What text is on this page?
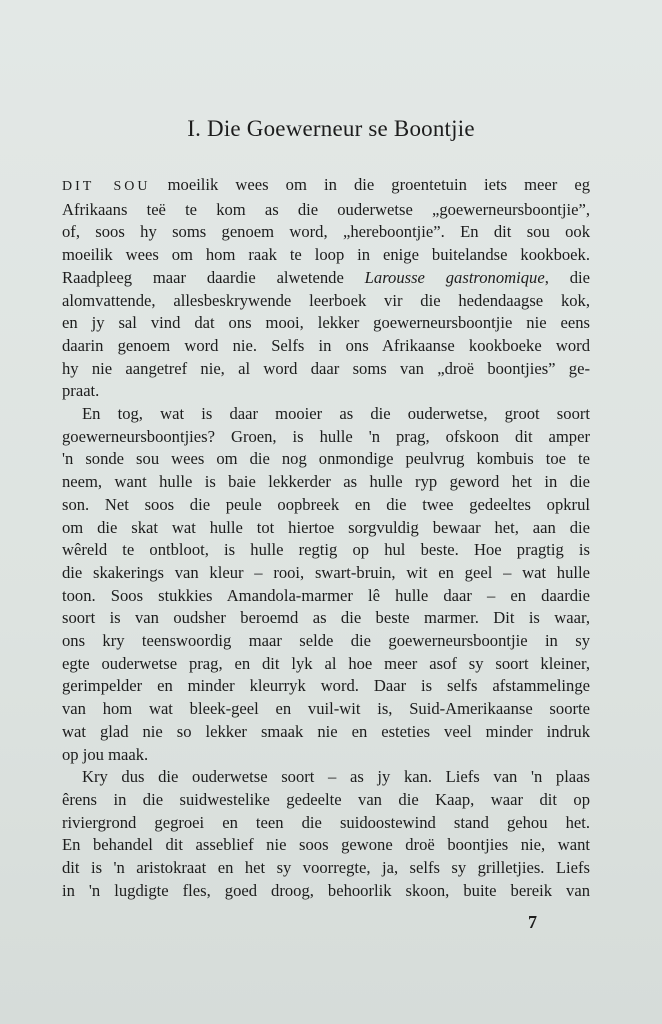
I. Die Goewerneur se Boontjie
DIT SOU moeilik wees om in die groentetuin iets meer eg
Afrikaans teë te kom as die ouderwetse „goewerneursboontjie”,
of, soos hy soms genoem word, „hereboontjie”. En dit sou ook
moeilik wees om hom raak te loop in enige buitelandse kookboek.
Raadpleeg maar daardie alwetende Larousse gastronomique, die
alomvattende, allesbeskrywende leerboek vir die hedendaagse kok,
en jy sal vind dat ons mooi, lekker goewerneursboontjie nie eens
daarin genoem word nie. Selfs in ons Afrikaanse kookboeke word
hy nie aangetref nie, al word daar soms van „droë boontjies” ge-
praat.
En tog, wat is daar mooier as die ouderwetse, groot soort
goewerneursboontjies? Groen, is hulle 'n prag, ofskoon dit amper
'n sonde sou wees om die nog onmondige peulvrug kombuis toe te
neem, want hulle is baie lekkerder as hulle ryp geword het in die
son. Net soos die peule oopbreek en die twee gedeeltes opkrul
om die skat wat hulle tot hiertoe sorgvuldig bewaar het, aan die
wêreld te ontbloot, is hulle regtig op hul beste. Hoe pragtig is
die skakerings van kleur – rooi, swart-bruin, wit en geel – wat hulle
toon. Soos stukkies Amandola-marmer lê hulle daar – en daardie
soort is van oudsher beroemd as die beste marmer. Dit is waar,
ons kry teenswoordig maar selde die goewerneursboontjie in sy
egte ouderwetse prag, en dit lyk al hoe meer asof sy soort kleiner,
gerimpelder en minder kleurryk word. Daar is selfs afstammelinge
van hom wat bleek-geel en vuil-wit is, Suid-Amerikaanse soorte
wat glad nie so lekker smaak nie en esteties veel minder indruk
op jou maak.
Kry dus die ouderwetse soort – as jy kan. Liefs van 'n plaas
êrens in die suidwestelike gedeelte van die Kaap, waar dit op
riviergrond gegroei en teen die suidoostewind stand gehou het.
En behandel dit asseblief nie soos gewone droë boontjies nie, want
dit is 'n aristokraat en het sy voorregte, ja, selfs sy grilletjies. Liefs
in 'n lugdigte fles, goed droog, behoorlik skoon, buite bereik van
7
